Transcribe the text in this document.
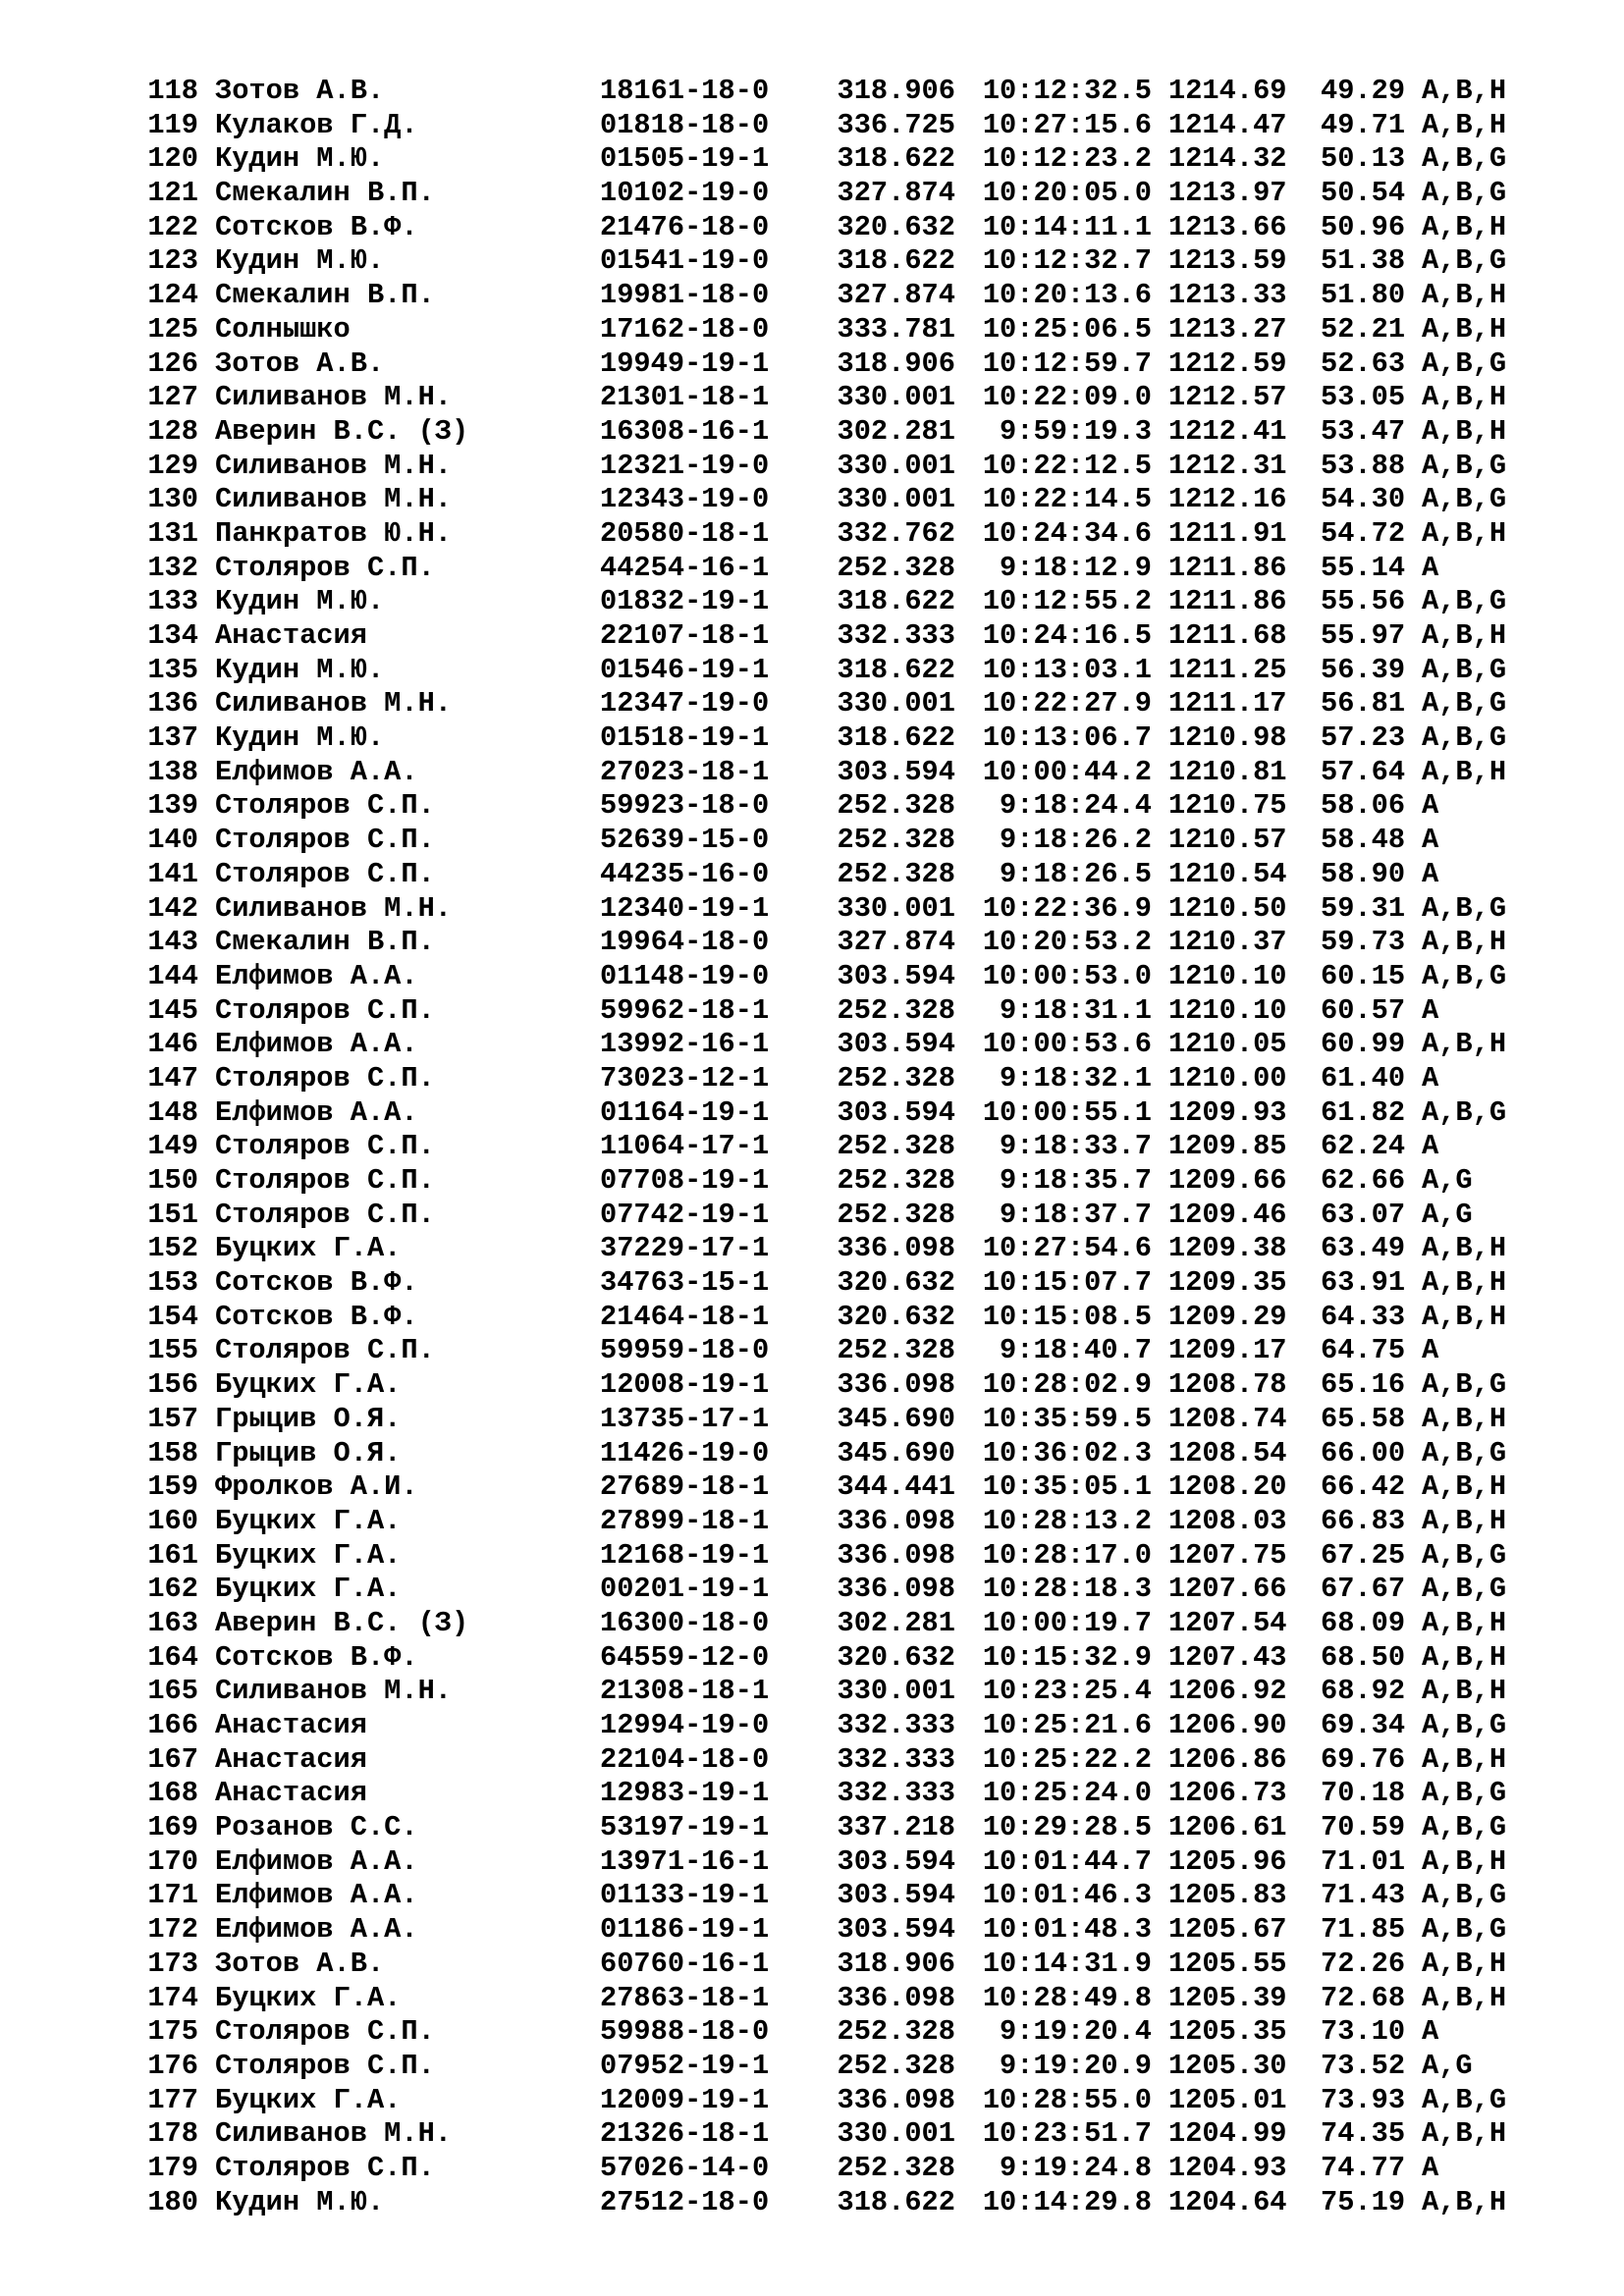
118 Зотов А.В.	18161-18-0 318.906 10:12:32.5 1214.69 49.29 A,B,H
119 Кулаков Г.Д.	01818-18-0 336.725 10:27:15.6 1214.47 49.71 A,B,H
120 Кудин М.Ю.	01505-19-1 318.622 10:12:23.2 1214.32 50.13 A,B,G
121 Смекалин В.П.	10102-19-0 327.874 10:20:05.0 1213.97 50.54 A,B,G
122 Сотсков В.Ф.	21476-18-0 320.632 10:14:11.1 1213.66 50.96 A,B,H
123 Кудин М.Ю.	01541-19-0 318.622 10:12:32.7 1213.59 51.38 A,B,G
124 Смекалин В.П.	19981-18-0 327.874 10:20:13.6 1213.33 51.80 A,B,H
125 Солнышко	17162-18-0 333.781 10:25:06.5 1213.27 52.21 A,B,H
126 Зотов А.В.	19949-19-1 318.906 10:12:59.7 1212.59 52.63 A,B,G
127 Силиванов М.Н.	21301-18-1 330.001 10:22:09.0 1212.57 53.05 A,B,H
128 Аверин В.С. (З)	16308-16-1 302.281 9:59:19.3 1212.41 53.47 A,B,H
129 Силиванов М.Н.	12321-19-0 330.001 10:22:12.5 1212.31 53.88 A,B,G
130 Силиванов М.Н.	12343-19-0 330.001 10:22:14.5 1212.16 54.30 A,B,G
131 Панкратов Ю.Н.	20580-18-1 332.762 10:24:34.6 1211.91 54.72 A,B,H
132 Столяров С.П.	44254-16-1 252.328 9:18:12.9 1211.86 55.14 A
133 Кудин М.Ю.	01832-19-1 318.622 10:12:55.2 1211.86 55.56 A,B,G
134 Анастасия	22107-18-1 332.333 10:24:16.5 1211.68 55.97 A,B,H
135 Кудин М.Ю.	01546-19-1 318.622 10:13:03.1 1211.25 56.39 A,B,G
136 Силиванов М.Н.	12347-19-0 330.001 10:22:27.9 1211.17 56.81 A,B,G
137 Кудин М.Ю.	01518-19-1 318.622 10:13:06.7 1210.98 57.23 A,B,G
138 Елфимов А.А.	27023-18-1 303.594 10:00:44.2 1210.81 57.64 A,B,H
139 Столяров С.П.	59923-18-0 252.328 9:18:24.4 1210.75 58.06 A
140 Столяров С.П.	52639-15-0 252.328 9:18:26.2 1210.57 58.48 A
141 Столяров С.П.	44235-16-0 252.328 9:18:26.5 1210.54 58.90 A
142 Силиванов М.Н.	12340-19-1 330.001 10:22:36.9 1210.50 59.31 A,B,G
143 Смекалин В.П.	19964-18-0 327.874 10:20:53.2 1210.37 59.73 A,B,H
144 Елфимов А.А.	01148-19-0 303.594 10:00:53.0 1210.10 60.15 A,B,G
145 Столяров С.П.	59962-18-1 252.328 9:18:31.1 1210.10 60.57 A
146 Елфимов А.А.	13992-16-1 303.594 10:00:53.6 1210.05 60.99 A,B,H
147 Столяров С.П.	73023-12-1 252.328 9:18:32.1 1210.00 61.40 A
148 Елфимов А.А.	01164-19-1 303.594 10:00:55.1 1209.93 61.82 A,B,G
149 Столяров С.П.	11064-17-1 252.328 9:18:33.7 1209.85 62.24 A
150 Столяров С.П.	07708-19-1 252.328 9:18:35.7 1209.66 62.66 A,G
151 Столяров С.П.	07742-19-1 252.328 9:18:37.7 1209.46 63.07 A,G
152 Буцких Г.А.	37229-17-1 336.098 10:27:54.6 1209.38 63.49 A,B,H
153 Сотсков В.Ф.	34763-15-1 320.632 10:15:07.7 1209.35 63.91 A,B,H
154 Сотсков В.Ф.	21464-18-1 320.632 10:15:08.5 1209.29 64.33 A,B,H
155 Столяров С.П.	59959-18-0 252.328 9:18:40.7 1209.17 64.75 A
156 Буцких Г.А.	12008-19-1 336.098 10:28:02.9 1208.78 65.16 A,B,G
157 Грыцив О.Я.	13735-17-1 345.690 10:35:59.5 1208.74 65.58 A,B,H
158 Грыцив О.Я.	11426-19-0 345.690 10:36:02.3 1208.54 66.00 A,B,G
159 Фролков А.И.	27689-18-1 344.441 10:35:05.1 1208.20 66.42 A,B,H
160 Буцких Г.А.	27899-18-1 336.098 10:28:13.2 1208.03 66.83 A,B,H
161 Буцких Г.А.	12168-19-1 336.098 10:28:17.0 1207.75 67.25 A,B,G
162 Буцких Г.А.	00201-19-1 336.098 10:28:18.3 1207.66 67.67 A,B,G
163 Аверин В.С. (З)	16300-18-0 302.281 10:00:19.7 1207.54 68.09 A,B,H
164 Сотсков В.Ф.	64559-12-0 320.632 10:15:32.9 1207.43 68.50 A,B,H
165 Силиванов М.Н.	21308-18-1 330.001 10:23:25.4 1206.92 68.92 A,B,H
166 Анастасия	12994-19-0 332.333 10:25:21.6 1206.90 69.34 A,B,G
167 Анастасия	22104-18-0 332.333 10:25:22.2 1206.86 69.76 A,B,H
168 Анастасия	12983-19-1 332.333 10:25:24.0 1206.73 70.18 A,B,G
169 Розанов С.С.	53197-19-1 337.218 10:29:28.5 1206.61 70.59 A,B,G
170 Елфимов А.А.	13971-16-1 303.594 10:01:44.7 1205.96 71.01 A,B,H
171 Елфимов А.А.	01133-19-1 303.594 10:01:46.3 1205.83 71.43 A,B,G
172 Елфимов А.А.	01186-19-1 303.594 10:01:48.3 1205.67 71.85 A,B,G
173 Зотов А.В.	60760-16-1 318.906 10:14:31.9 1205.55 72.26 A,B,H
174 Буцких Г.А.	27863-18-1 336.098 10:28:49.8 1205.39 72.68 A,B,H
175 Столяров С.П.	59988-18-0 252.328 9:19:20.4 1205.35 73.10 A
176 Столяров С.П.	07952-19-1 252.328 9:19:20.9 1205.30 73.52 A,G
177 Буцких Г.А.	12009-19-1 336.098 10:28:55.0 1205.01 73.93 A,B,G
178 Силиванов М.Н.	21326-18-1 330.001 10:23:51.7 1204.99 74.35 A,B,H
179 Столяров С.П.	57026-14-0 252.328 9:19:24.8 1204.93 74.77 A
180 Кудин М.Ю.	27512-18-0 318.622 10:14:29.8 1204.64 75.19 A,B,H
